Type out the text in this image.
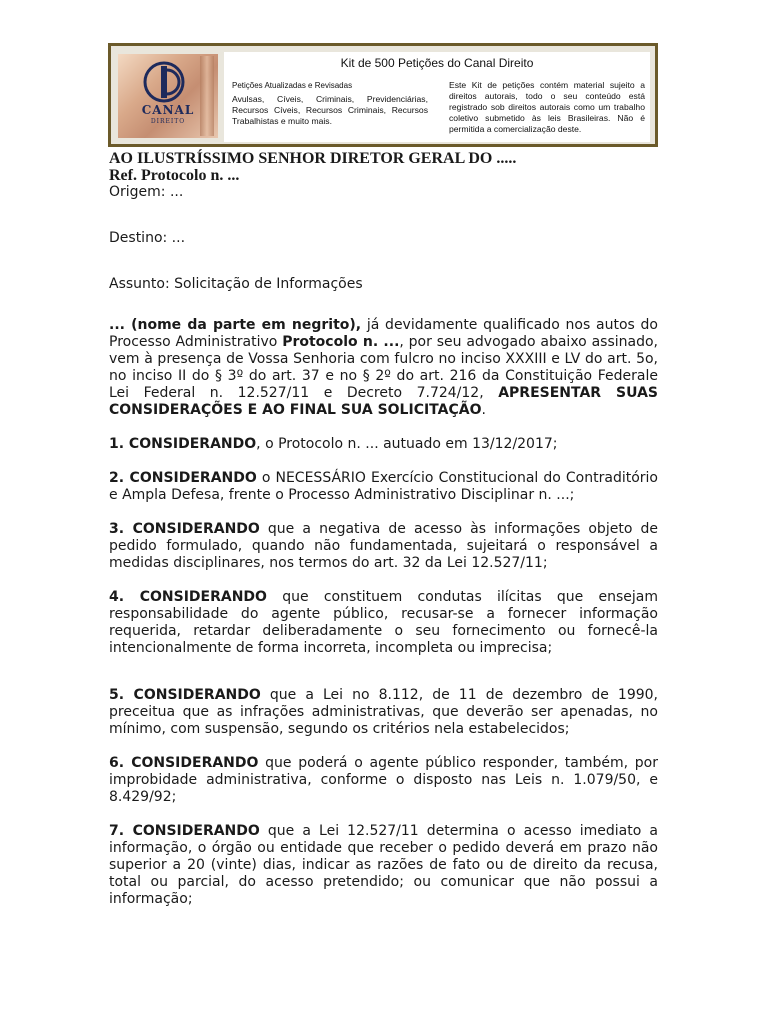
CANAL
DIREITO
Kit de 500 Petições do Canal Direito
Petições Atualizadas e Revisadas
Avulsas, Cíveis, Criminais, Previdenciárias, Recursos Cíveis, Recursos Criminais, Recursos Trabalhistas e muito mais.
Este Kit de petições contém material sujeito a direitos autorais, todo o seu conteúdo está registrado sob direitos autorais como um trabalho coletivo submetido às leis Brasileiras. Não é permitida a comercialização deste.
AO ILUSTRÍSSIMO SENHOR DIRETOR GERAL DO .....
Ref. Protocolo n. ...
Origem: ...
Destino: ...
Assunto: Solicitação de Informações

... (nome da parte em negrito), já devidamente qualificado nos autos do Processo Administrativo Protocolo n. ..., por seu advogado abaixo assinado, vem à presença de Vossa Senhoria com fulcro no inciso XXXIII e LV do art. 5o, no inciso II do § 3º do art. 37 e no § 2º do art. 216 da Constituição Federale Lei Federal n. 12.527/11 e Decreto 7.724/12, APRESENTAR SUAS CONSIDERAÇÕES E AO FINAL SUA SOLICITAÇÃO.

1. CONSIDERANDO, o Protocolo n. ... autuado em 13/12/2017;

2. CONSIDERANDO o NECESSÁRIO Exercício Constitucional do Contraditório e Ampla Defesa, frente o Processo Administrativo Disciplinar n. ...;

3. CONSIDERANDO que a negativa de acesso às informações objeto de pedido formulado, quando não fundamentada, sujeitará o responsável a medidas disciplinares, nos termos do art. 32 da Lei 12.527/11;

4. CONSIDERANDO que constituem condutas ilícitas que ensejam responsabilidade do agente público, recusar-se a fornecer informação requerida, retardar deliberadamente o seu fornecimento ou fornecê-la intencionalmente de forma incorreta, incompleta ou imprecisa;

5. CONSIDERANDO que a Lei no 8.112, de 11 de dezembro de 1990, preceitua que as infrações administrativas, que deverão ser apenadas, no mínimo, com suspensão, segundo os critérios nela estabelecidos;

6. CONSIDERANDO que poderá o agente público responder, também, por improbidade administrativa, conforme o disposto nas Leis n. 1.079/50, e 8.429/92;

7. CONSIDERANDO que a Lei 12.527/11 determina o acesso imediato a informação, o órgão ou entidade que receber o pedido deverá em prazo não superior a 20 (vinte) dias, indicar as razões de fato ou de direito da recusa, total ou parcial, do acesso pretendido; ou comunicar que não possui a informação;
